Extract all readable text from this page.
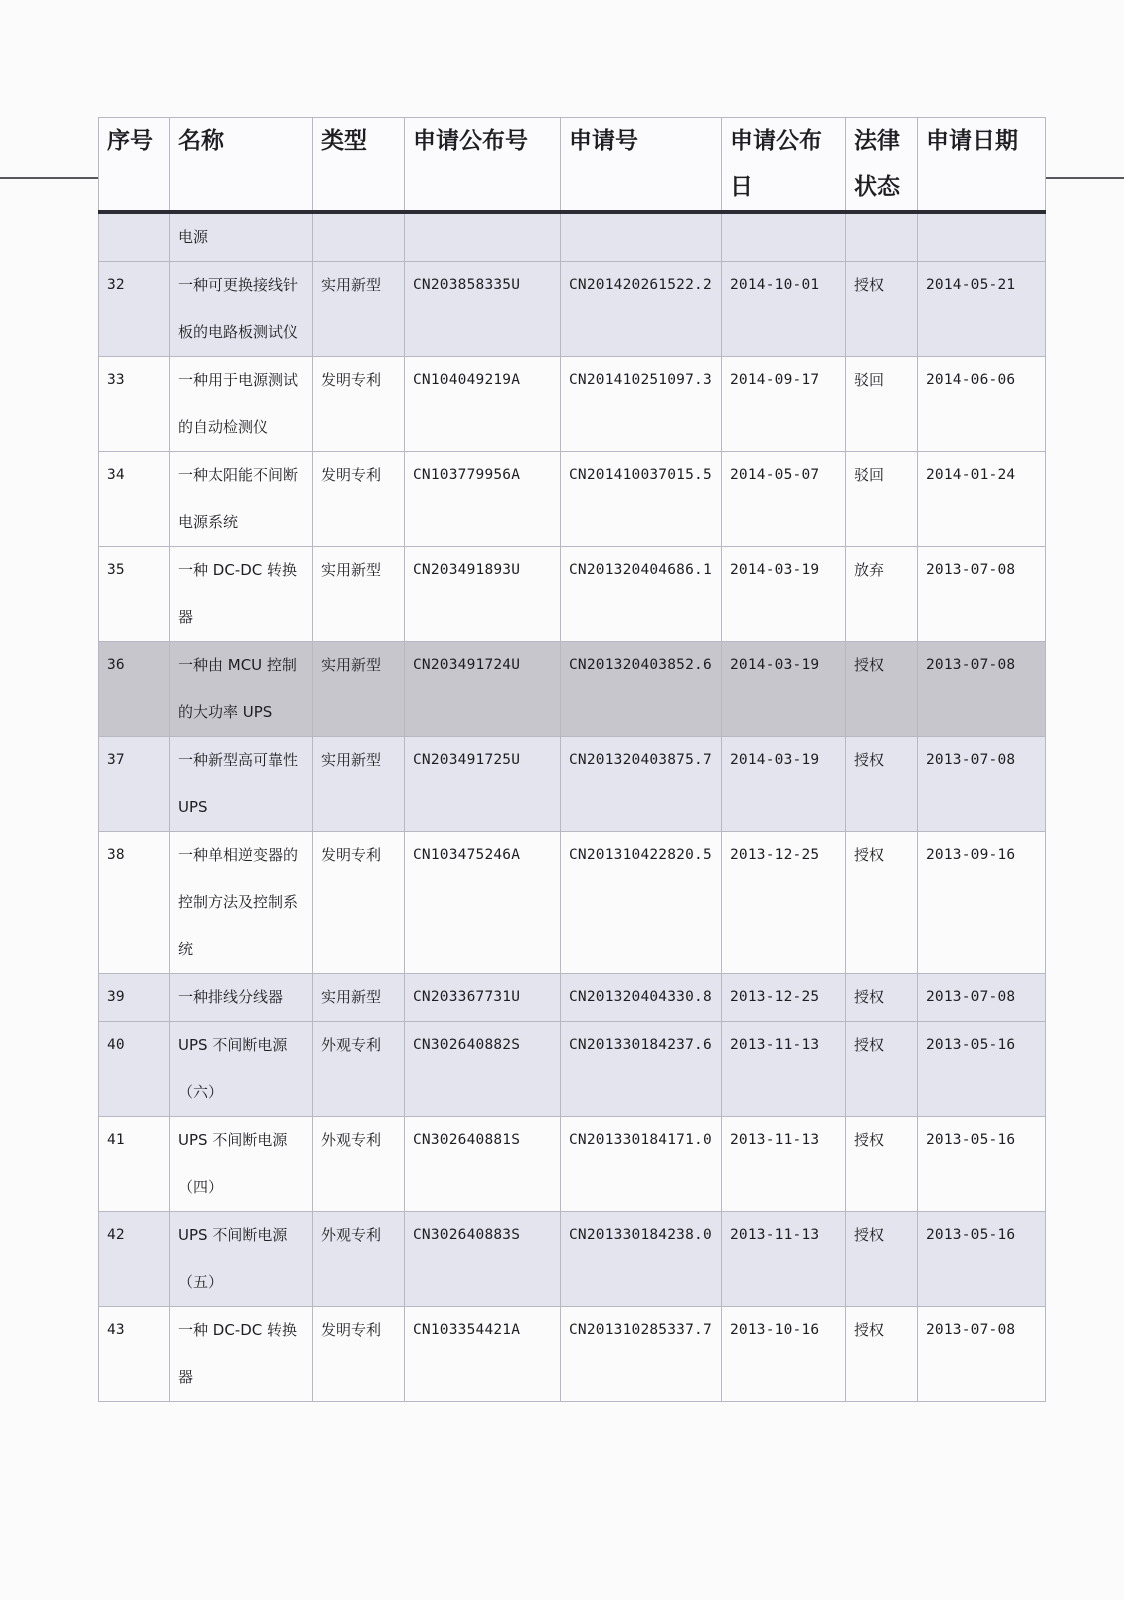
序号	名称	类型	申请公布号	申请号	申请公布日	法律状态	申请日期
	电源						
32	一种可更换接线针板的电路板测试仪	实用新型	CN203858335U	CN201420261522.2	2014-10-01	授权	2014-05-21
33	一种用于电源测试的自动检测仪	发明专利	CN104049219A	CN201410251097.3	2014-09-17	驳回	2014-06-06
34	一种太阳能不间断电源系统	发明专利	CN103779956A	CN201410037015.5	2014-05-07	驳回	2014-01-24
35	一种 DC-DC 转换器	实用新型	CN203491893U	CN201320404686.1	2014-03-19	放弃	2013-07-08
36	一种由 MCU 控制的大功率 UPS	实用新型	CN203491724U	CN201320403852.6	2014-03-19	授权	2013-07-08
37	一种新型高可靠性 UPS	实用新型	CN203491725U	CN201320403875.7	2014-03-19	授权	2013-07-08
38	一种单相逆变器的控制方法及控制系统	发明专利	CN103475246A	CN201310422820.5	2013-12-25	授权	2013-09-16
39	一种排线分线器	实用新型	CN203367731U	CN201320404330.8	2013-12-25	授权	2013-07-08
40	UPS 不间断电源（六）	外观专利	CN302640882S	CN201330184237.6	2013-11-13	授权	2013-05-16
41	UPS 不间断电源（四）	外观专利	CN302640881S	CN201330184171.0	2013-11-13	授权	2013-05-16
42	UPS 不间断电源（五）	外观专利	CN302640883S	CN201330184238.0	2013-11-13	授权	2013-05-16
43	一种 DC-DC 转换器	发明专利	CN103354421A	CN201310285337.7	2013-10-16	授权	2013-07-08
